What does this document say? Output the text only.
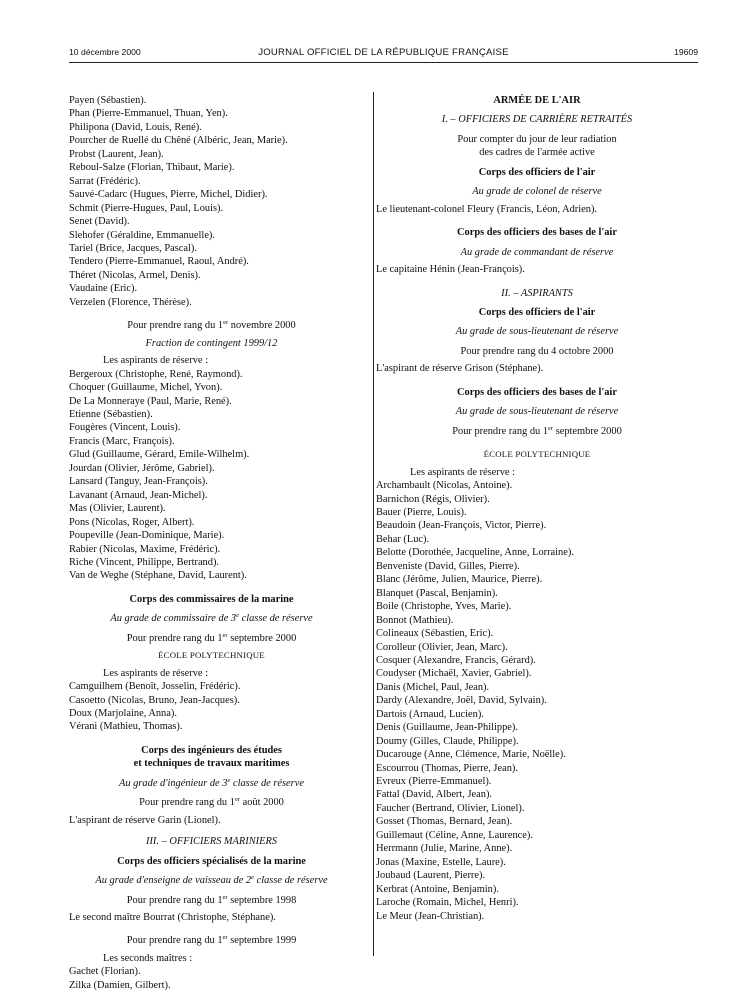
10 décembre 2000	JOURNAL OFFICIEL DE LA RÉPUBLIQUE FRANÇAISE	19609
Payen (Sébastien).
Phan (Pierre-Emmanuel, Thuan, Yen).
Philipona (David, Louis, René).
Pourcher de Ruellé du Chêné (Albéric, Jean, Marie).
Probst (Laurent, Jean).
Reboul-Salze (Florian, Thibaut, Marie).
Sarrat (Frédéric).
Sauvé-Cadarc (Hugues, Pierre, Michel, Didier).
Schmit (Pierre-Hugues, Paul, Louis).
Senet (David).
Slehofer (Géraldine, Emmanuelle).
Tariel (Brice, Jacques, Pascal).
Tendero (Pierre-Emmanuel, Raoul, André).
Théret (Nicolas, Armel, Denis).
Vaudaine (Eric).
Verzelen (Florence, Thérèse).
Pour prendre rang du 1er novembre 2000
Fraction de contingent 1999/12
Les aspirants de réserve :
Bergeroux (Christophe, René, Raymond).
Choquer (Guillaume, Michel, Yvon).
De La Monneraye (Paul, Marie, René).
Etienne (Sébastien).
Fougères (Vincent, Louis).
Francis (Marc, François).
Glud (Guillaume, Gérard, Emile-Wilhelm).
Jourdan (Olivier, Jérôme, Gabriel).
Lansard (Tanguy, Jean-François).
Lavanant (Arnaud, Jean-Michel).
Mas (Olivier, Laurent).
Pons (Nicolas, Roger, Albert).
Poupeville (Jean-Dominique, Marie).
Rabier (Nicolas, Maxime, Frédéric).
Riche (Vincent, Philippe, Bertrand).
Van de Weghe (Stéphane, David, Laurent).
Corps des commissaires de la marine
Au grade de commissaire de 3e classe de réserve
Pour prendre rang du 1er septembre 2000
ÉCOLE POLYTECHNIQUE
Les aspirants de réserve :
Camguilhem (Benoît, Josselin, Frédéric).
Casoetto (Nicolas, Bruno, Jean-Jacques).
Doux (Marjolaine, Anna).
Vérani (Mathieu, Thomas).
Corps des ingénieurs des études
et techniques de travaux maritimes
Au grade d'ingénieur de 3e classe de réserve
Pour prendre rang du 1er août 2000
L'aspirant de réserve Garin (Lionel).
III. – OFFICIERS MARINIERS
Corps des officiers spécialisés de la marine
Au grade d'enseigne de vaisseau de 2e classe de réserve
Pour prendre rang du 1er septembre 1998
Le second maître Bourrat (Christophe, Stéphane).
Pour prendre rang du 1er septembre 1999
Les seconds maîtres :
Gachet (Florian).
Zilka (Damien, Gilbert).
ARMÉE DE L'AIR
I. – OFFICIERS DE CARRIÈRE RETRAITÉS
Pour compter du jour de leur radiation
des cadres de l'armée active
Corps des officiers de l'air
Au grade de colonel de réserve
Le lieutenant-colonel Fleury (Francis, Léon, Adrien).
Corps des officiers des bases de l'air
Au grade de commandant de réserve
Le capitaine Hénin (Jean-François).
II. – ASPIRANTS
Corps des officiers de l'air
Au grade de sous-lieutenant de réserve
Pour prendre rang du 4 octobre 2000
L'aspirant de réserve Grison (Stéphane).
Corps des officiers des bases de l'air
Au grade de sous-lieutenant de réserve
Pour prendre rang du 1er septembre 2000
ÉCOLE POLYTECHNIQUE
Les aspirants de réserve :
Archambault (Nicolas, Antoine).
Barnichon (Régis, Olivier).
Bauer (Pierre, Louis).
Beaudoin (Jean-François, Victor, Pierre).
Behar (Luc).
Belotte (Dorothée, Jacqueline, Anne, Lorraine).
Benveniste (David, Gilles, Pierre).
Blanc (Jérôme, Julien, Maurice, Pierre).
Blanquet (Pascal, Benjamin).
Boile (Christophe, Yves, Marie).
Bonnot (Mathieu).
Colineaux (Sébastien, Eric).
Corolleur (Olivier, Jean, Marc).
Cosquer (Alexandre, Francis, Gérard).
Coudyser (Michaël, Xavier, Gabriel).
Danis (Michel, Paul, Jean).
Dardy (Alexandre, Joël, David, Sylvain).
Dartois (Arnaud, Lucien).
Denis (Guillaume, Jean-Philippe).
Doumy (Gilles, Claude, Philippe).
Ducarouge (Anne, Clémence, Marie, Noëlle).
Escourrou (Thomas, Pierre, Jean).
Evreux (Pierre-Emmanuel).
Fattal (David, Albert, Jean).
Faucher (Bertrand, Olivier, Lionel).
Gosset (Thomas, Bernard, Jean).
Guillemaut (Céline, Anne, Laurence).
Herrmann (Julie, Marine, Anne).
Jonas (Maxine, Estelle, Laure).
Joubaud (Laurent, Pierre).
Kerbrat (Antoine, Benjamin).
Laroche (Romain, Michel, Henri).
Le Meur (Jean-Christian).
